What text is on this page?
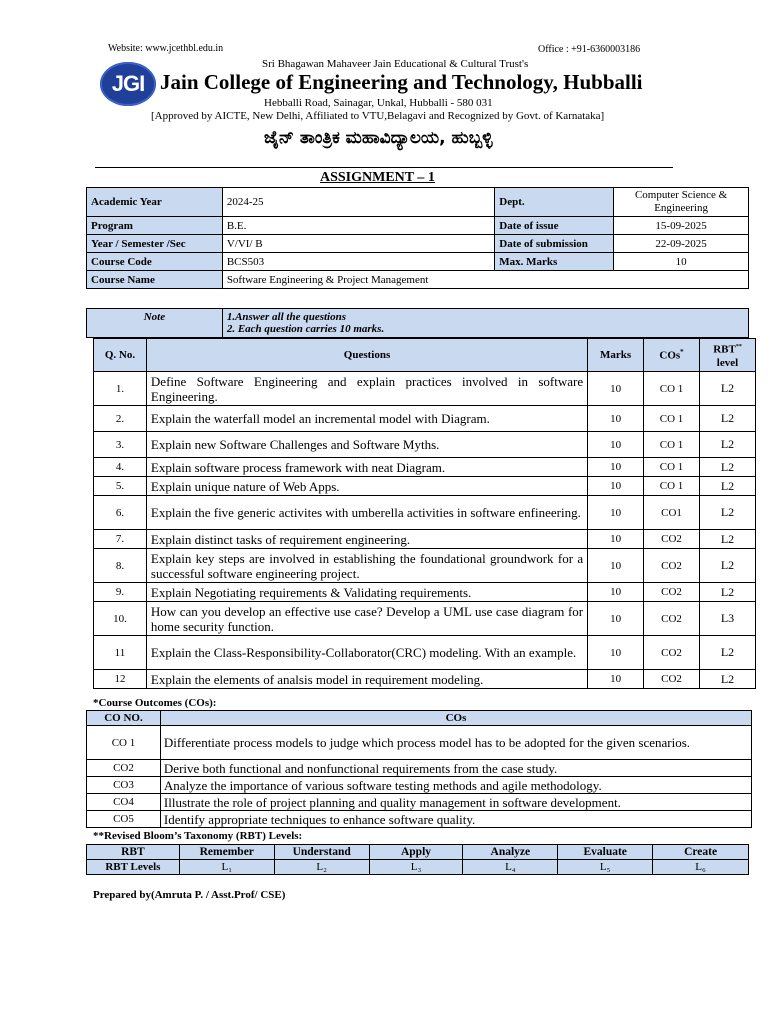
Website: www.jcethbl.edu.in	Office : +91-6360003186
JGI
Sri Bhagawan Mahaveer Jain Educational & Cultural Trust's
Jain College of Engineering and Technology, Hubballi
Hebballi Road, Sainagar, Unkal, Hubballi - 580 031
[Approved by AICTE, New Delhi, Affiliated to VTU,Belagavi and Recognized by Govt. of Karnataka]
ಜೈನ್ ತಾಂತ್ರಿಕ ಮಹಾವಿದ್ಯಾಲಯ, ಹುಬ್ಬಳ್ಳಿ
ASSIGNMENT – 1
Academic Year	2024-25	Dept.	Computer Science & Engineering
Program	B.E.	Date of issue	15-09-2025
Year / Semester /Sec	V/VI/ B	Date of submission	22-09-2025
Course Code	BCS503	Max. Marks	10
Course Name	Software Engineering & Project Management		
Note	1.Answer all the questions
2. Each question carries 10 marks.
Q. No.	Questions	Marks	COs*	RBT**
level
1.	Define Software Engineering and explain practices involved in software Engineering.	10	CO 1	L2
2.	Explain the waterfall model an incremental model with Diagram.	10	CO 1	L2
3.	Explain new Software Challenges and Software Myths.	10	CO 1	L2
4.	Explain software process framework with neat Diagram.	10	CO 1	L2
5.	Explain unique nature of Web Apps.	10	CO 1	L2
6.	Explain the five generic activites with umberella activities in software enfineering.	10	CO1	L2
7.	Explain distinct tasks of requirement engineering.	10	CO2	L2
8.	Explain key steps are involved in establishing the foundational groundwork for a successful software engineering project.	10	CO2	L2
9.	Explain Negotiating requirements & Validating requirements.	10	CO2	L2
10.	How can you develop an effective use case? Develop a UML use case diagram for home security function.	10	CO2	L3
11	Explain the Class-Responsibility-Collaborator(CRC) modeling. With an example.	10	CO2	L2
12	Explain the elements of analsis model in requirement modeling.	10	CO2	L2
*Course Outcomes (COs):
CO NO.	COs
CO 1	Differentiate process models to judge which process model has to be adopted for the given scenarios.
CO2	Derive both functional and nonfunctional requirements from the case study.
CO3	Analyze the importance of various software testing methods and agile methodology.
CO4	Illustrate the role of project planning and quality management in software development.
CO5	Identify appropriate techniques to enhance software quality.
**Revised Bloom’s Taxonomy (RBT) Levels:
RBT	Remember	Understand	Apply	Analyze	Evaluate	Create
RBT Levels	L₁	L₂	L₃	L₄	L₅	L₆
Prepared by(Amruta P. / Asst.Prof/ CSE)
